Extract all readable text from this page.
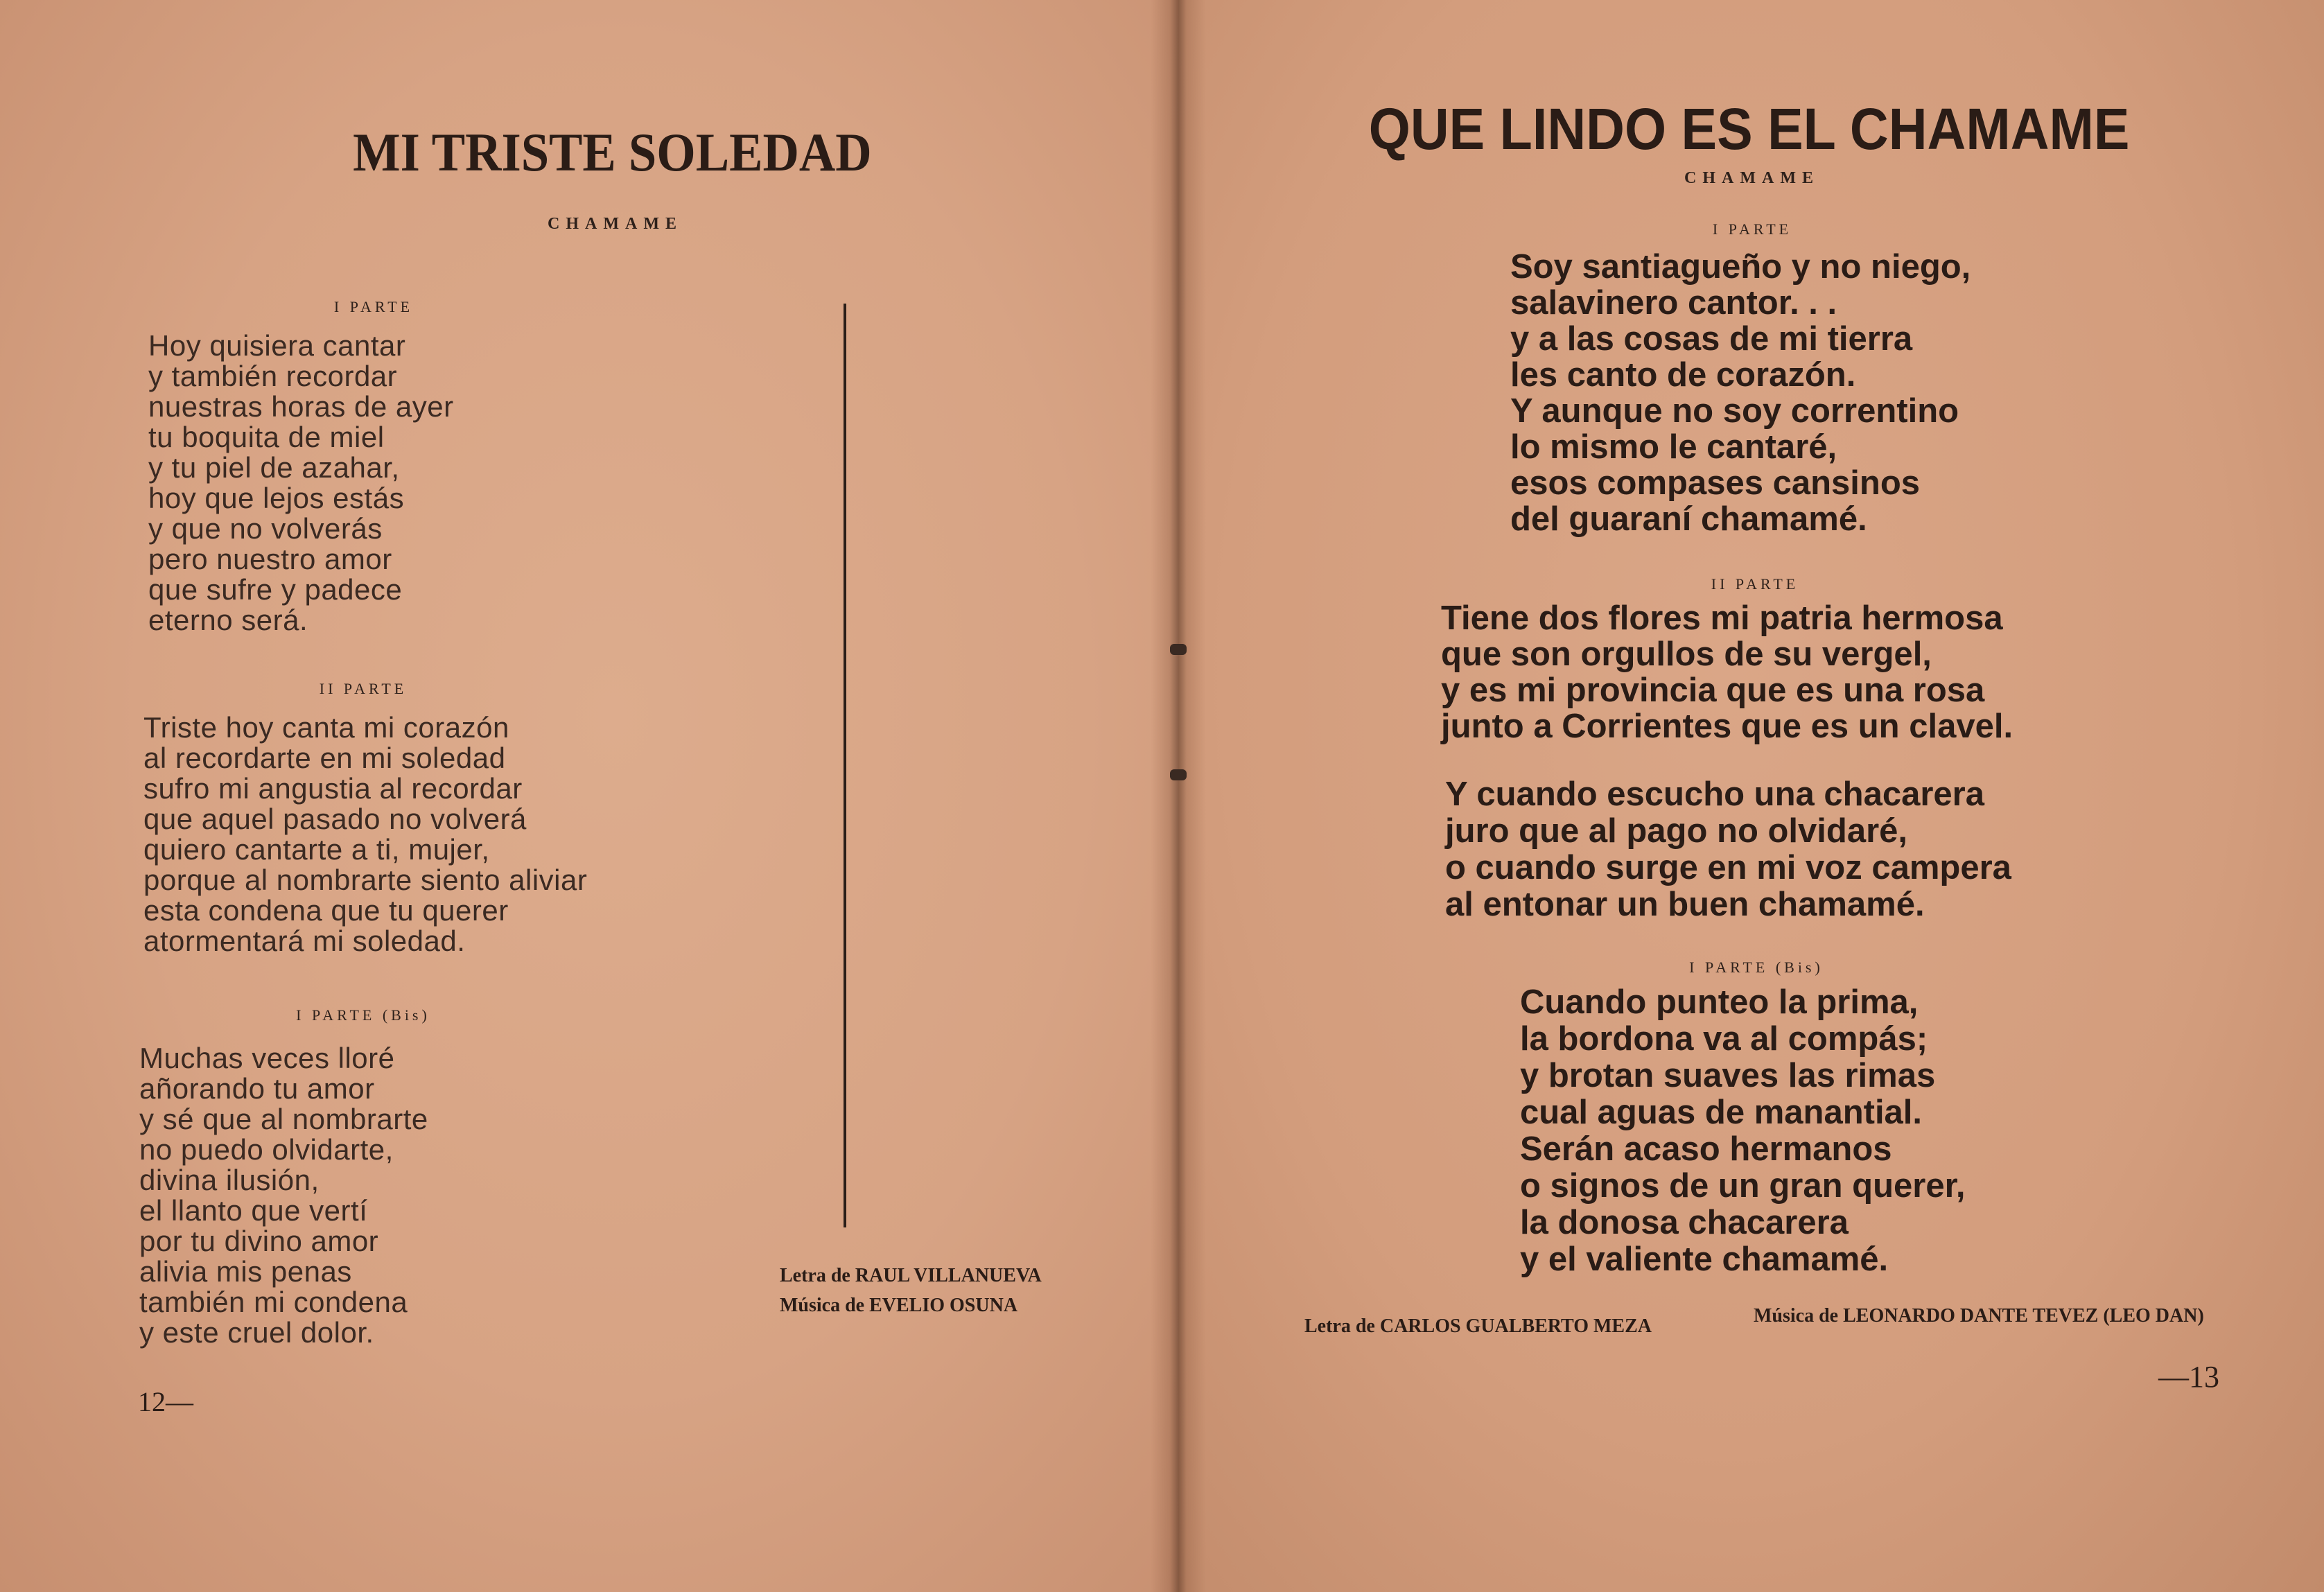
MI TRISTE SOLEDAD
CHAMAME
I PARTE
Hoy quisiera cantar
y también recordar
nuestras horas de ayer
tu boquita de miel
y tu piel de azahar,
hoy que lejos estás
y que no volverás
pero nuestro amor
que sufre y padece
eterno será.
II PARTE
Triste hoy canta mi corazón
al recordarte en mi soledad
sufro mi angustia al recordar
que aquel pasado no volverá
quiero cantarte a ti, mujer,
porque al nombrarte siento aliviar
esta condena que tu querer
atormentará mi soledad.
I PARTE (Bis)
Muchas veces lloré
añorando tu amor
y sé que al nombrarte
no puedo olvidarte,
divina ilusión,
el llanto que vertí
por tu divino amor
alivia mis penas
también mi condena
y este cruel dolor.
Letra de RAUL VILLANUEVA
Música de EVELIO OSUNA
12—
QUE LINDO ES EL CHAMAME
CHAMAME
I PARTE
Soy santiagueño y no niego,
salavinero cantor. . .
y a las cosas de mi tierra
les canto de corazón.
Y aunque no soy correntino
lo mismo le cantaré,
esos compases cansinos
del guaraní chamamé.
II PARTE
Tiene dos flores mi patria hermosa
que son orgullos de su vergel,
y es mi provincia que es una rosa
junto a Corrientes que es un clavel.
Y cuando escucho una chacarera
juro que al pago no olvidaré,
o cuando surge en mi voz campera
al entonar un buen chamamé.
I PARTE (Bis)
Cuando punteo la prima,
la bordona va al compás;
y brotan suaves las rimas
cual aguas de manantial.
Serán acaso hermanos
o signos de un gran querer,
la donosa chacarera
y el valiente chamamé.
Letra de CARLOS GUALBERTO MEZA	Música de LEONARDO DANTE TEVEZ (LEO DAN)
—13
